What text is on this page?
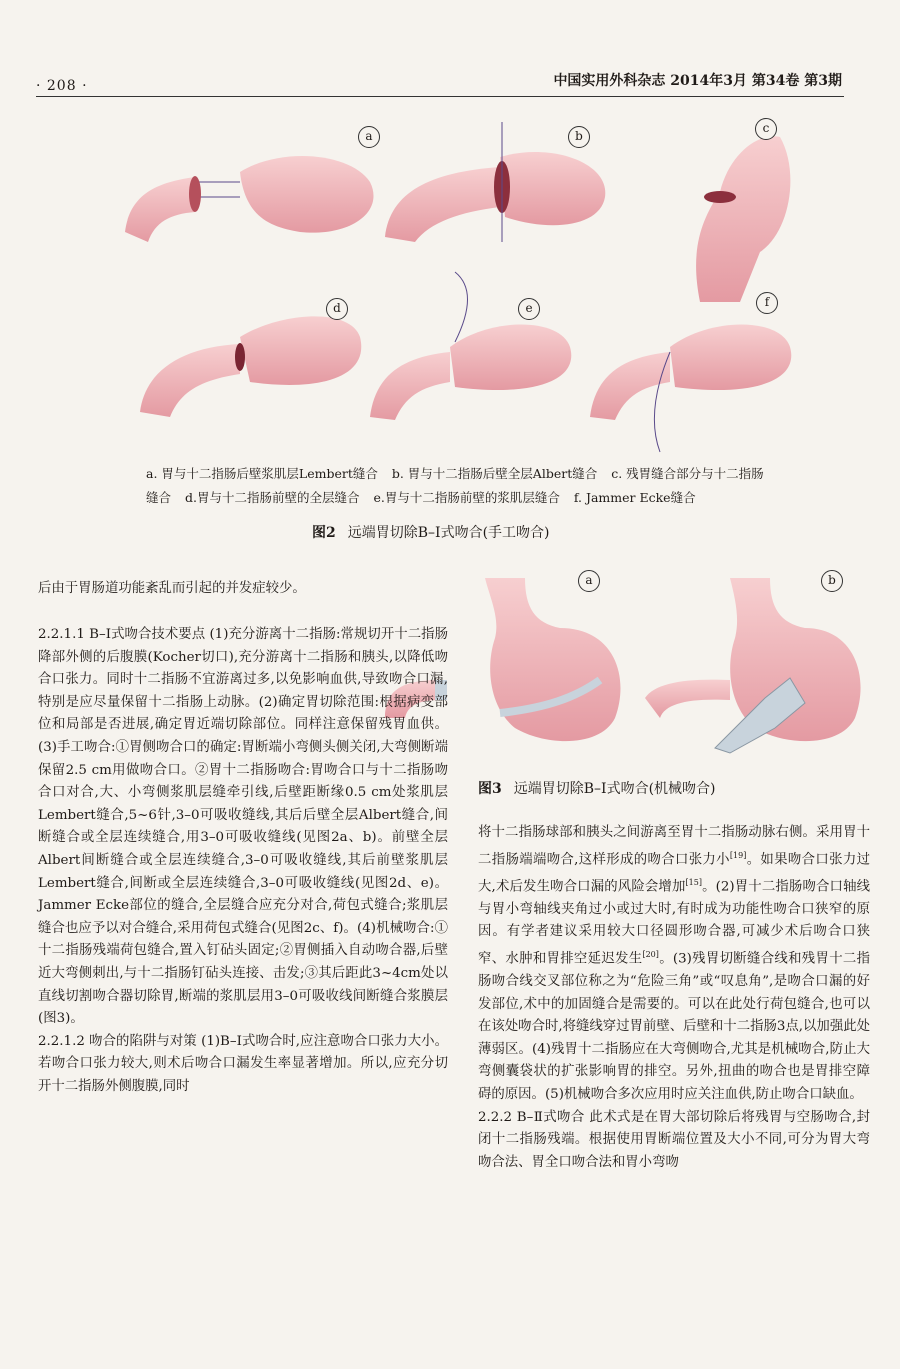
· 208 ·	中国实用外科杂志 2014年3月 第34卷 第3期
a	b
c
d	e	f
a. 胃与十二指肠后壁浆肌层Lembert缝合 b. 胃与十二指肠后壁全层Albert缝合 c. 残胃缝合部分与十二指肠缝合 d.胃与十二指肠前壁的全层缝合 e.胃与十二指肠前壁的浆肌层缝合 f. Jammer Ecke缝合
图2 远端胃切除B–Ⅰ式吻合(手工吻合)
a	b
图3 远端胃切除B–Ⅰ式吻合(机械吻合)

后由于胃肠道功能紊乱而引起的并发症较少。

2.2.1.1 B–Ⅰ式吻合技术要点 (1)充分游离十二指肠:常规切开十二指肠降部外侧的后腹膜(Kocher切口),充分游离十二指肠和胰头,以降低吻合口张力。同时十二指肠不宜游离过多,以免影响血供,导致吻合口漏,特别是应尽量保留十二指肠上动脉。(2)确定胃切除范围:根据病变部位和局部是否进展,确定胃近端切除部位。同样注意保留残胃血供。(3)手工吻合:①胃侧吻合口的确定:胃断端小弯侧头侧关闭,大弯侧断端保留2.5 cm用做吻合口。②胃十二指肠吻合:胃吻合口与十二指肠吻合口对合,大、小弯侧浆肌层缝牵引线,后壁距断缘0.5 cm处浆肌层Lembert缝合,5~6针,3–0可吸收缝线,其后后壁全层Albert缝合,间断缝合或全层连续缝合,用3–0可吸收缝线(见图2a、b)。前壁全层Albert间断缝合或全层连续缝合,3–0可吸收缝线,其后前壁浆肌层Lembert缝合,间断或全层连续缝合,3–0可吸收缝线(见图2d、e)。Jammer Ecke部位的缝合,全层缝合应充分对合,荷包式缝合;浆肌层缝合也应予以对合缝合,采用荷包式缝合(见图2c、f)。(4)机械吻合:①十二指肠残端荷包缝合,置入钉砧头固定;②胃侧插入自动吻合器,后壁近大弯侧刺出,与十二指肠钉砧头连接、击发;③其后距此3~4cm处以直线切割吻合器切除胃,断端的浆肌层用3–0可吸收线间断缝合浆膜层(图3)。

2.2.1.2 吻合的陷阱与对策 (1)B–Ⅰ式吻合时,应注意吻合口张力大小。若吻合口张力较大,则术后吻合口漏发生率显著增加。所以,应充分切开十二指肠外侧腹膜,同时

将十二指肠球部和胰头之间游离至胃十二指肠动脉右侧。采用胃十二指肠端端吻合,这样形成的吻合口张力小[19]。如果吻合口张力过大,术后发生吻合口漏的风险会增加[15]。(2)胃十二指肠吻合口轴线与胃小弯轴线夹角过小或过大时,有时成为功能性吻合口狭窄的原因。有学者建议采用较大口径圆形吻合器,可减少术后吻合口狭窄、水肿和胃排空延迟发生[20]。(3)残胃切断缝合线和残胃十二指肠吻合线交叉部位称之为“危险三角”或“叹息角”,是吻合口漏的好发部位,术中的加固缝合是需要的。可以在此处行荷包缝合,也可以在该处吻合时,将缝线穿过胃前壁、后壁和十二指肠3点,以加强此处薄弱区。(4)残胃十二指肠应在大弯侧吻合,尤其是机械吻合,防止大弯侧囊袋状的扩张影响胃的排空。另外,扭曲的吻合也是胃排空障碍的原因。(5)机械吻合多次应用时应关注血供,防止吻合口缺血。

2.2.2 B–Ⅱ式吻合 此术式是在胃大部切除后将残胃与空肠吻合,封闭十二指肠残端。根据使用胃断端位置及大小不同,可分为胃大弯吻合法、胃全口吻合法和胃小弯吻
